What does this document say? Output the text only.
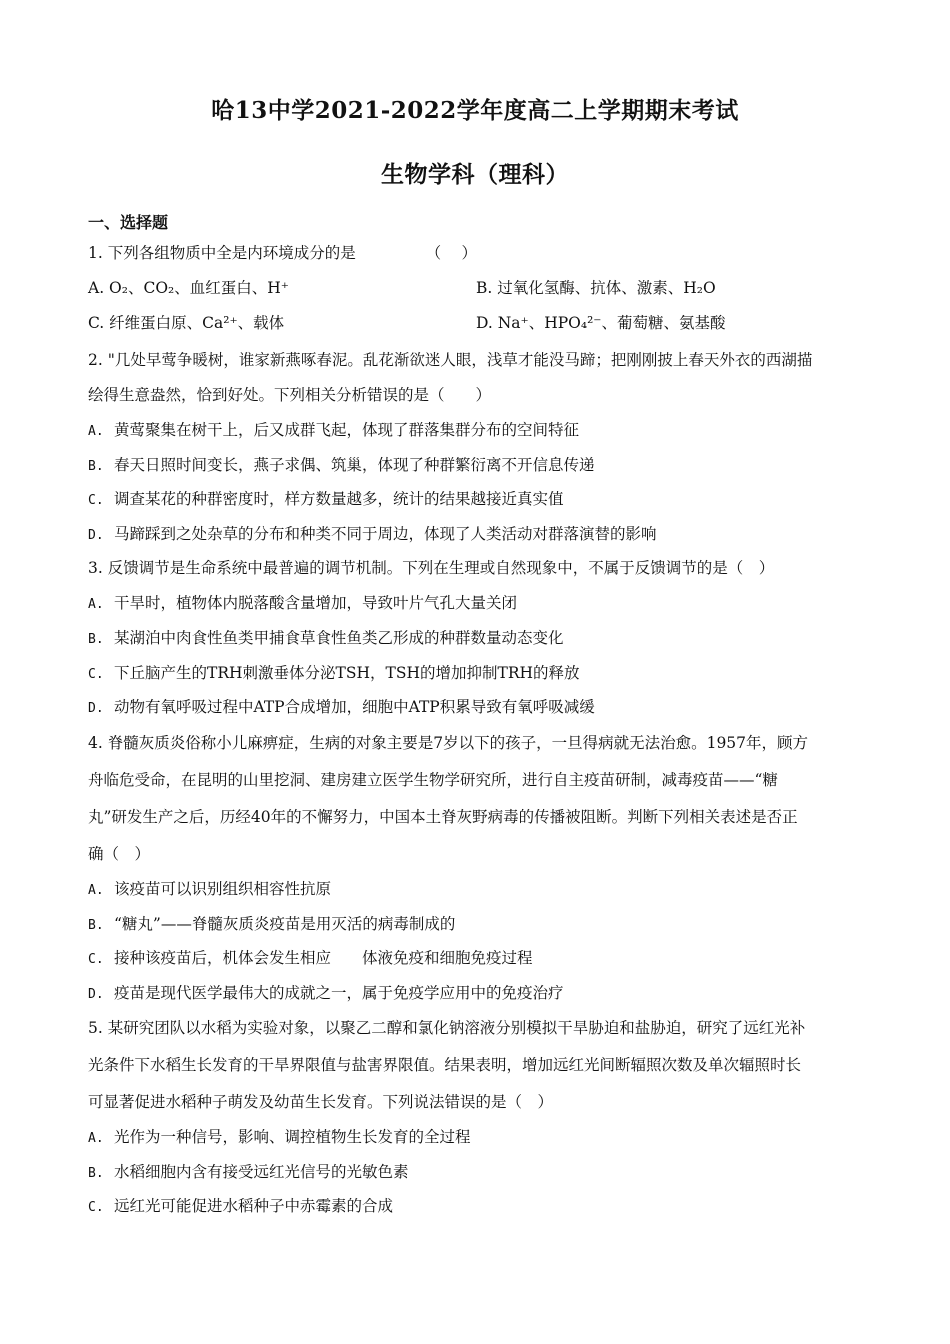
哈13中学2021-2022学年度高二上学期期末考试
生物学科（理科）
一、选择题
1. 下列各组物质中全是内环境成分的是	（　 ）
A. O₂、CO₂、血红蛋白、H⁺	B. 过氧化氢酶、抗体、激素、H₂O
C. 纤维蛋白原、Ca²⁺、载体	D. Na⁺、HPO₄²⁻、葡萄糖、氨基酸
2. "几处早莺争暖树，谁家新燕啄春泥。乱花渐欲迷人眼，浅草才能没马蹄；把刚刚披上春天外衣的西湖描
绘得生意盎然，恰到好处。下列相关分析错误的是（　　）
A. 黄莺聚集在树干上，后又成群飞起，体现了群落集群分布的空间特征
B. 春天日照时间变长，燕子求偶、筑巢，体现了种群繁衍离不开信息传递
C. 调查某花的种群密度时，样方数量越多，统计的结果越接近真实值
D. 马蹄踩到之处杂草的分布和种类不同于周边，体现了人类活动对群落演替的影响
3. 反馈调节是生命系统中最普遍的调节机制。下列在生理或自然现象中，不属于反馈调节的是（　）
A. 干旱时，植物体内脱落酸含量增加，导致叶片气孔大量关闭
B. 某湖泊中肉食性鱼类甲捕食草食性鱼类乙形成的种群数量动态变化
C. 下丘脑产生的TRH刺激垂体分泌TSH，TSH的增加抑制TRH的释放
D. 动物有氧呼吸过程中ATP合成增加，细胞中ATP积累导致有氧呼吸减缓
4. 脊髓灰质炎俗称小儿麻痹症，生病的对象主要是7岁以下的孩子，一旦得病就无法治愈。1957年，顾方
舟临危受命，在昆明的山里挖洞、建房建立医学生物学研究所，进行自主疫苗研制，减毒疫苗——“糖
丸”研发生产之后，历经40年的不懈努力，中国本土脊灰野病毒的传播被阻断。判断下列相关表述是否正
确（　）
A. 该疫苗可以识别组织相容性抗原
B. “糖丸”——脊髓灰质炎疫苗是用灭活的病毒制成的
C. 接种该疫苗后，机体会发生相应　　体液免疫和细胞免疫过程
D. 疫苗是现代医学最伟大的成就之一，属于免疫学应用中的免疫治疗
5. 某研究团队以水稻为实验对象，以聚乙二醇和氯化钠溶液分别模拟干旱胁迫和盐胁迫，研究了远红光补
光条件下水稻生长发育的干旱界限值与盐害界限值。结果表明，增加远红光间断辐照次数及单次辐照时长
可显著促进水稻种子萌发及幼苗生长发育。下列说法错误的是（　）
A. 光作为一种信号，影响、调控植物生长发育的全过程
B. 水稻细胞内含有接受远红光信号的光敏色素
C. 远红光可能促进水稻种子中赤霉素的合成
